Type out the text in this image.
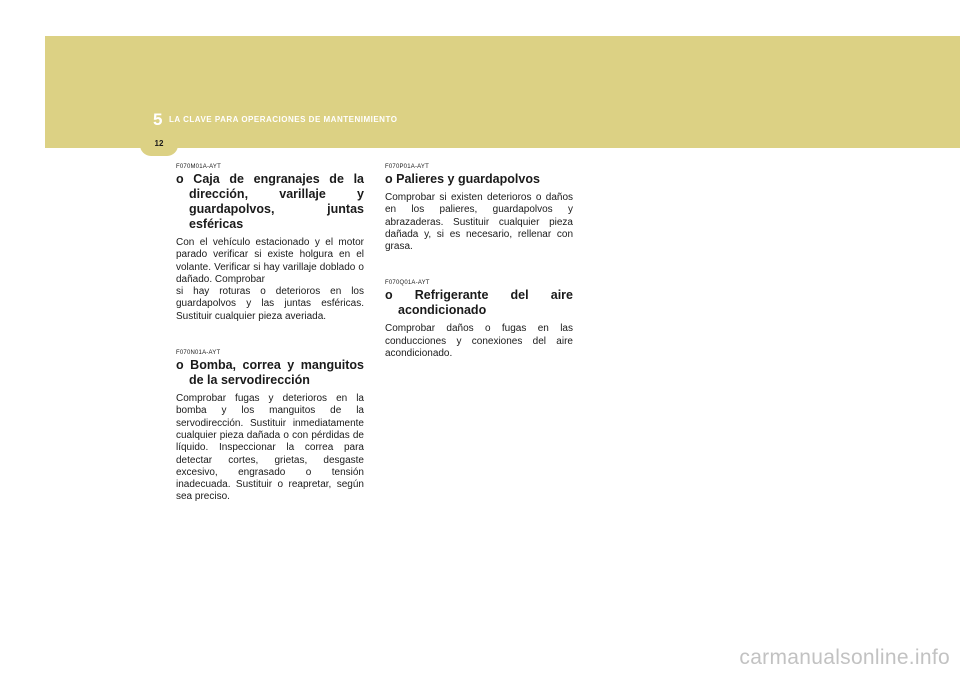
5 LA CLAVE PARA OPERACIONES DE MANTENIMIENTO
12
F070M01A-AYT
o Caja de engranajes de la dirección, varillaje y guardapolvos, juntas esféricas

Con el vehículo estacionado y el motor parado verificar si existe holgura en el volante. Verificar si hay varillaje doblado o dañado. Comprobar
si hay roturas o deterioros en los guardapolvos y las juntas esféricas. Sustituir cualquier pieza averiada.

F070N01A-AYT
o Bomba, correa y manguitos de la servodirección

Comprobar fugas y deterioros en la bomba y los manguitos de la servodirección. Sustituir inmediatamente cualquier pieza dañada o con pérdidas de líquido. Inspeccionar la correa para detectar cortes, grietas, desgaste excesivo, engrasado o tensión inadecuada. Sustituir o reapretar, según sea preciso.

F070P01A-AYT
o Palieres y guardapolvos

Comprobar si existen deterioros o daños en los palieres, guardapolvos y abrazaderas. Sustituir cualquier pieza dañada y, si es necesario, rellenar con grasa.

F070Q01A-AYT
o Refrigerante del aire acondicionado

Comprobar daños o fugas en las conducciones y conexiones del aire acondicionado.

carmanualsonline.info
